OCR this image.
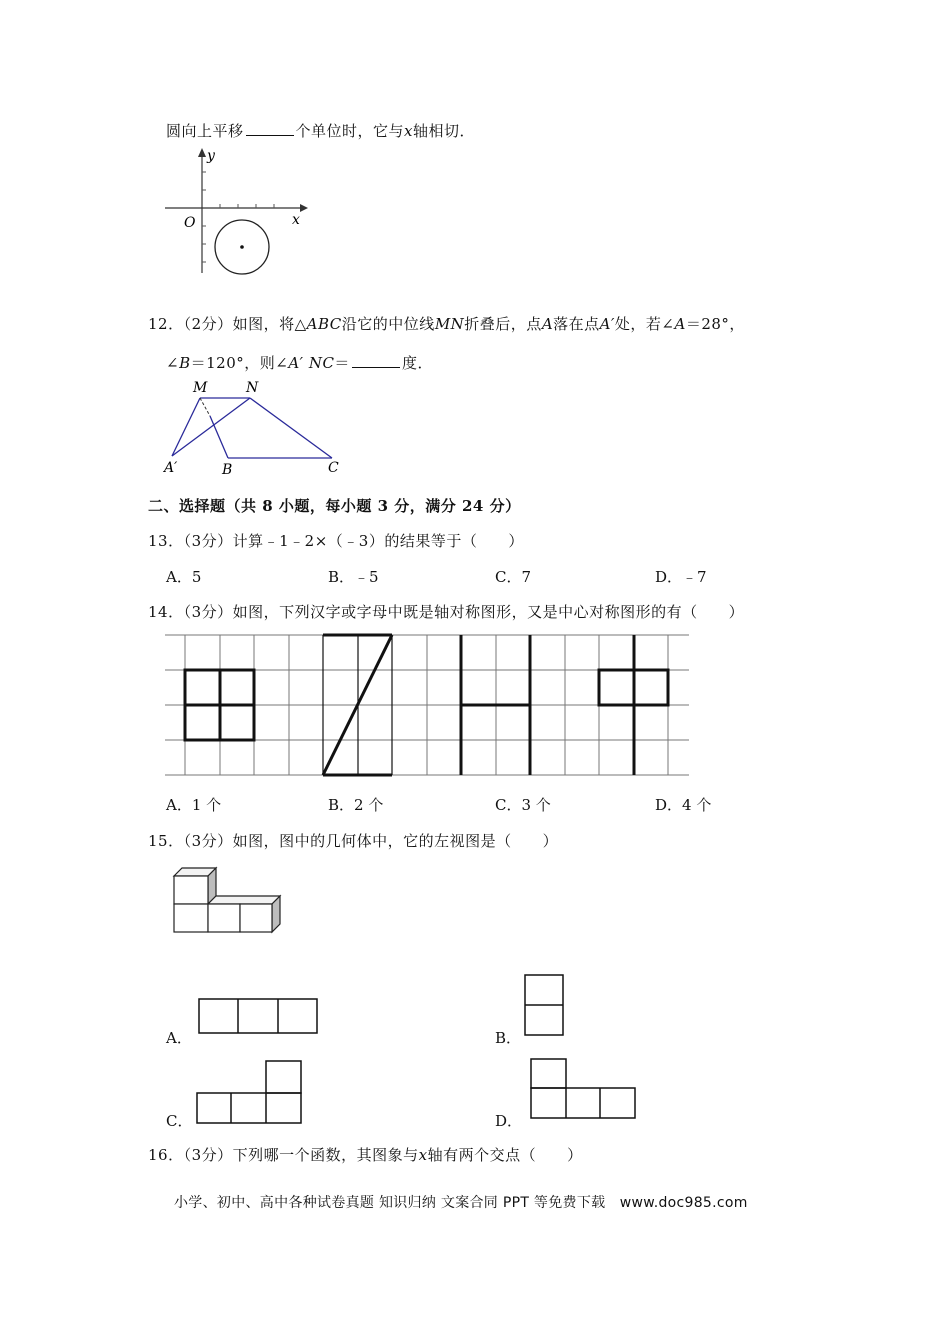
圆向上平移	个单位时，它与x轴相切．
y
x
O
12．（2分）如图，将△ABC沿它的中位线MN折叠后，点A落在点A′处，若∠A＝28°，
∠B＝120°，则∠A′ NC＝	度．
M	N
A′	B	C
二、选择题（共 8 小题，每小题 3 分，满分 24 分）
13．（3分）计算﹣1﹣2×（﹣3）的结果等于（　　）
A．5	B．﹣5	C．7	D．﹣7
14．（3分）如图，下列汉字或字母中既是轴对称图形，又是中心对称图形的有（　　）
A．1 个	B．2 个	C．3 个	D．4 个
15．（3分）如图，图中的几何体中，它的左视图是（　　）
A．	B．
C．	D．
16．（3分）下列哪一个函数，其图象与x轴有两个交点（　　）
小学、初中、高中各种试卷真题 知识归纳 文案合同 PPT 等免费下载　www.doc985.com
